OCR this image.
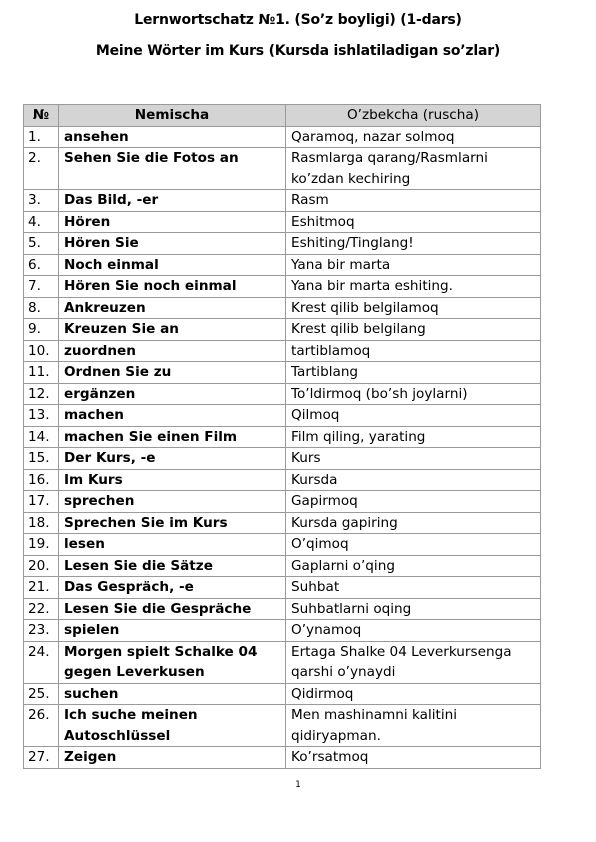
Lernwortschatz №1. (So’z boyligi) (1-dars)
Meine Wörter im Kurs (Kursda ishlatiladigan so’zlar)
№	Nemischa	O’zbekcha (ruscha)
1.	ansehen	Qaramoq, nazar solmoq
2.	Sehen Sie die Fotos an	Rasmlarga qarang/Rasmlarni ko’zdan kechiring
3.	Das Bild, -er	Rasm
4.	Hören	Eshitmoq
5.	Hören Sie	Eshiting/Tinglang!
6.	Noch einmal	Yana bir marta
7.	Hören Sie noch einmal	Yana bir marta eshiting.
8.	Ankreuzen	Krest qilib belgilamoq
9.	Kreuzen Sie an	Krest qilib belgilang
10.	zuordnen	tartiblamoq
11.	Ordnen Sie zu	Tartiblang
12.	ergänzen	To’ldirmoq (bo’sh joylarni)
13.	machen	Qilmoq
14.	machen Sie einen Film	Film qiling, yarating
15.	Der Kurs, -e	Kurs
16.	Im Kurs	Kursda
17.	sprechen	Gapirmoq
18.	Sprechen Sie im Kurs	Kursda gapiring
19.	lesen	O’qimoq
20.	Lesen Sie die Sätze	Gaplarni o’qing
21.	Das Gespräch, -e	Suhbat
22.	Lesen Sie die Gespräche	Suhbatlarni oqing
23.	spielen	O’ynamoq
24.	Morgen spielt Schalke 04 gegen Leverkusen	Ertaga Shalke 04 Leverkursenga qarshi o’ynaydi
25.	suchen	Qidirmoq
26.	Ich suche meinen Autoschlüssel	Men mashinamni kalitini qidiryapman.
27.	Zeigen	Ko’rsatmoq
1
